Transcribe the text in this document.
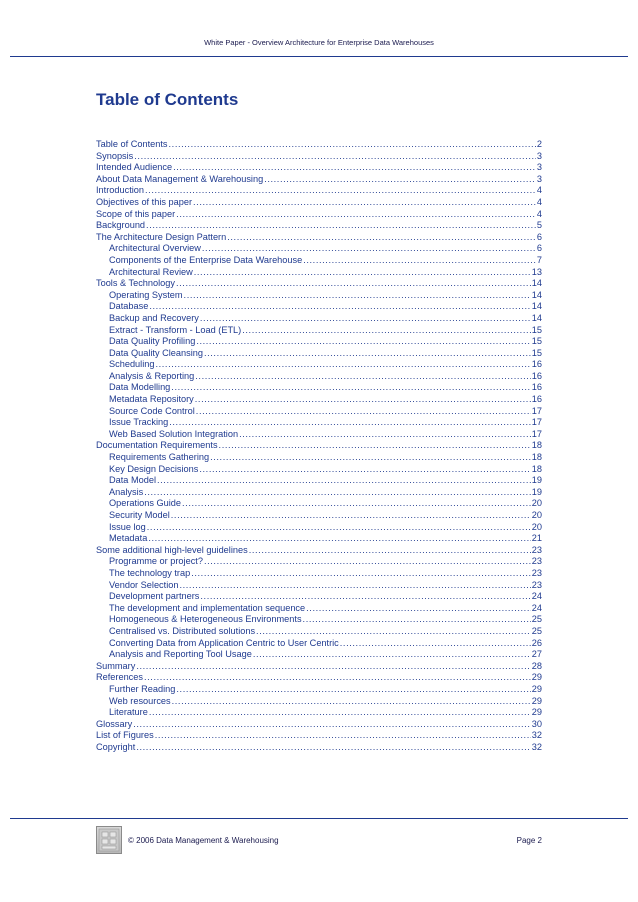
White Paper - Overview Architecture for Enterprise Data Warehouses
Table of Contents
Table of Contents .....	2
Synopsis .....	3
Intended Audience .....	3
About Data Management & Warehousing .....	3
Introduction .....	4
Objectives of this paper .....	4
Scope of this paper .....	4
Background .....	5
The Architecture Design Pattern .....	6
Architectural Overview .....	6
Components of the Enterprise Data Warehouse .....	7
Architectural Review .....	13
Tools & Technology .....	14
Operating System .....	14
Database .....	14
Backup and Recovery .....	14
Extract - Transform - Load (ETL) .....	15
Data Quality Profiling .....	15
Data Quality Cleansing .....	15
Scheduling .....	16
Analysis & Reporting .....	16
Data Modelling .....	16
Metadata Repository .....	16
Source Code Control .....	17
Issue Tracking .....	17
Web Based Solution Integration .....	17
Documentation Requirements .....	18
Requirements Gathering .....	18
Key Design Decisions .....	18
Data Model .....	19
Analysis .....	19
Operations Guide .....	20
Security Model .....	20
Issue log .....	20
Metadata .....	21
Some additional high-level guidelines .....	23
Programme or project? .....	23
The technology trap .....	23
Vendor Selection .....	23
Development partners .....	24
The development and implementation sequence .....	24
Homogeneous & Heterogeneous Environments .....	25
Centralised vs. Distributed solutions .....	25
Converting Data from Application Centric to User Centric .....	26
Analysis and Reporting Tool Usage .....	27
Summary .....	28
References .....	29
Further Reading .....	29
Web resources .....	29
Literature .....	29
Glossary .....	30
List of Figures .....	32
Copyright .....	32
© 2006 Data Management & Warehousing	Page 2
